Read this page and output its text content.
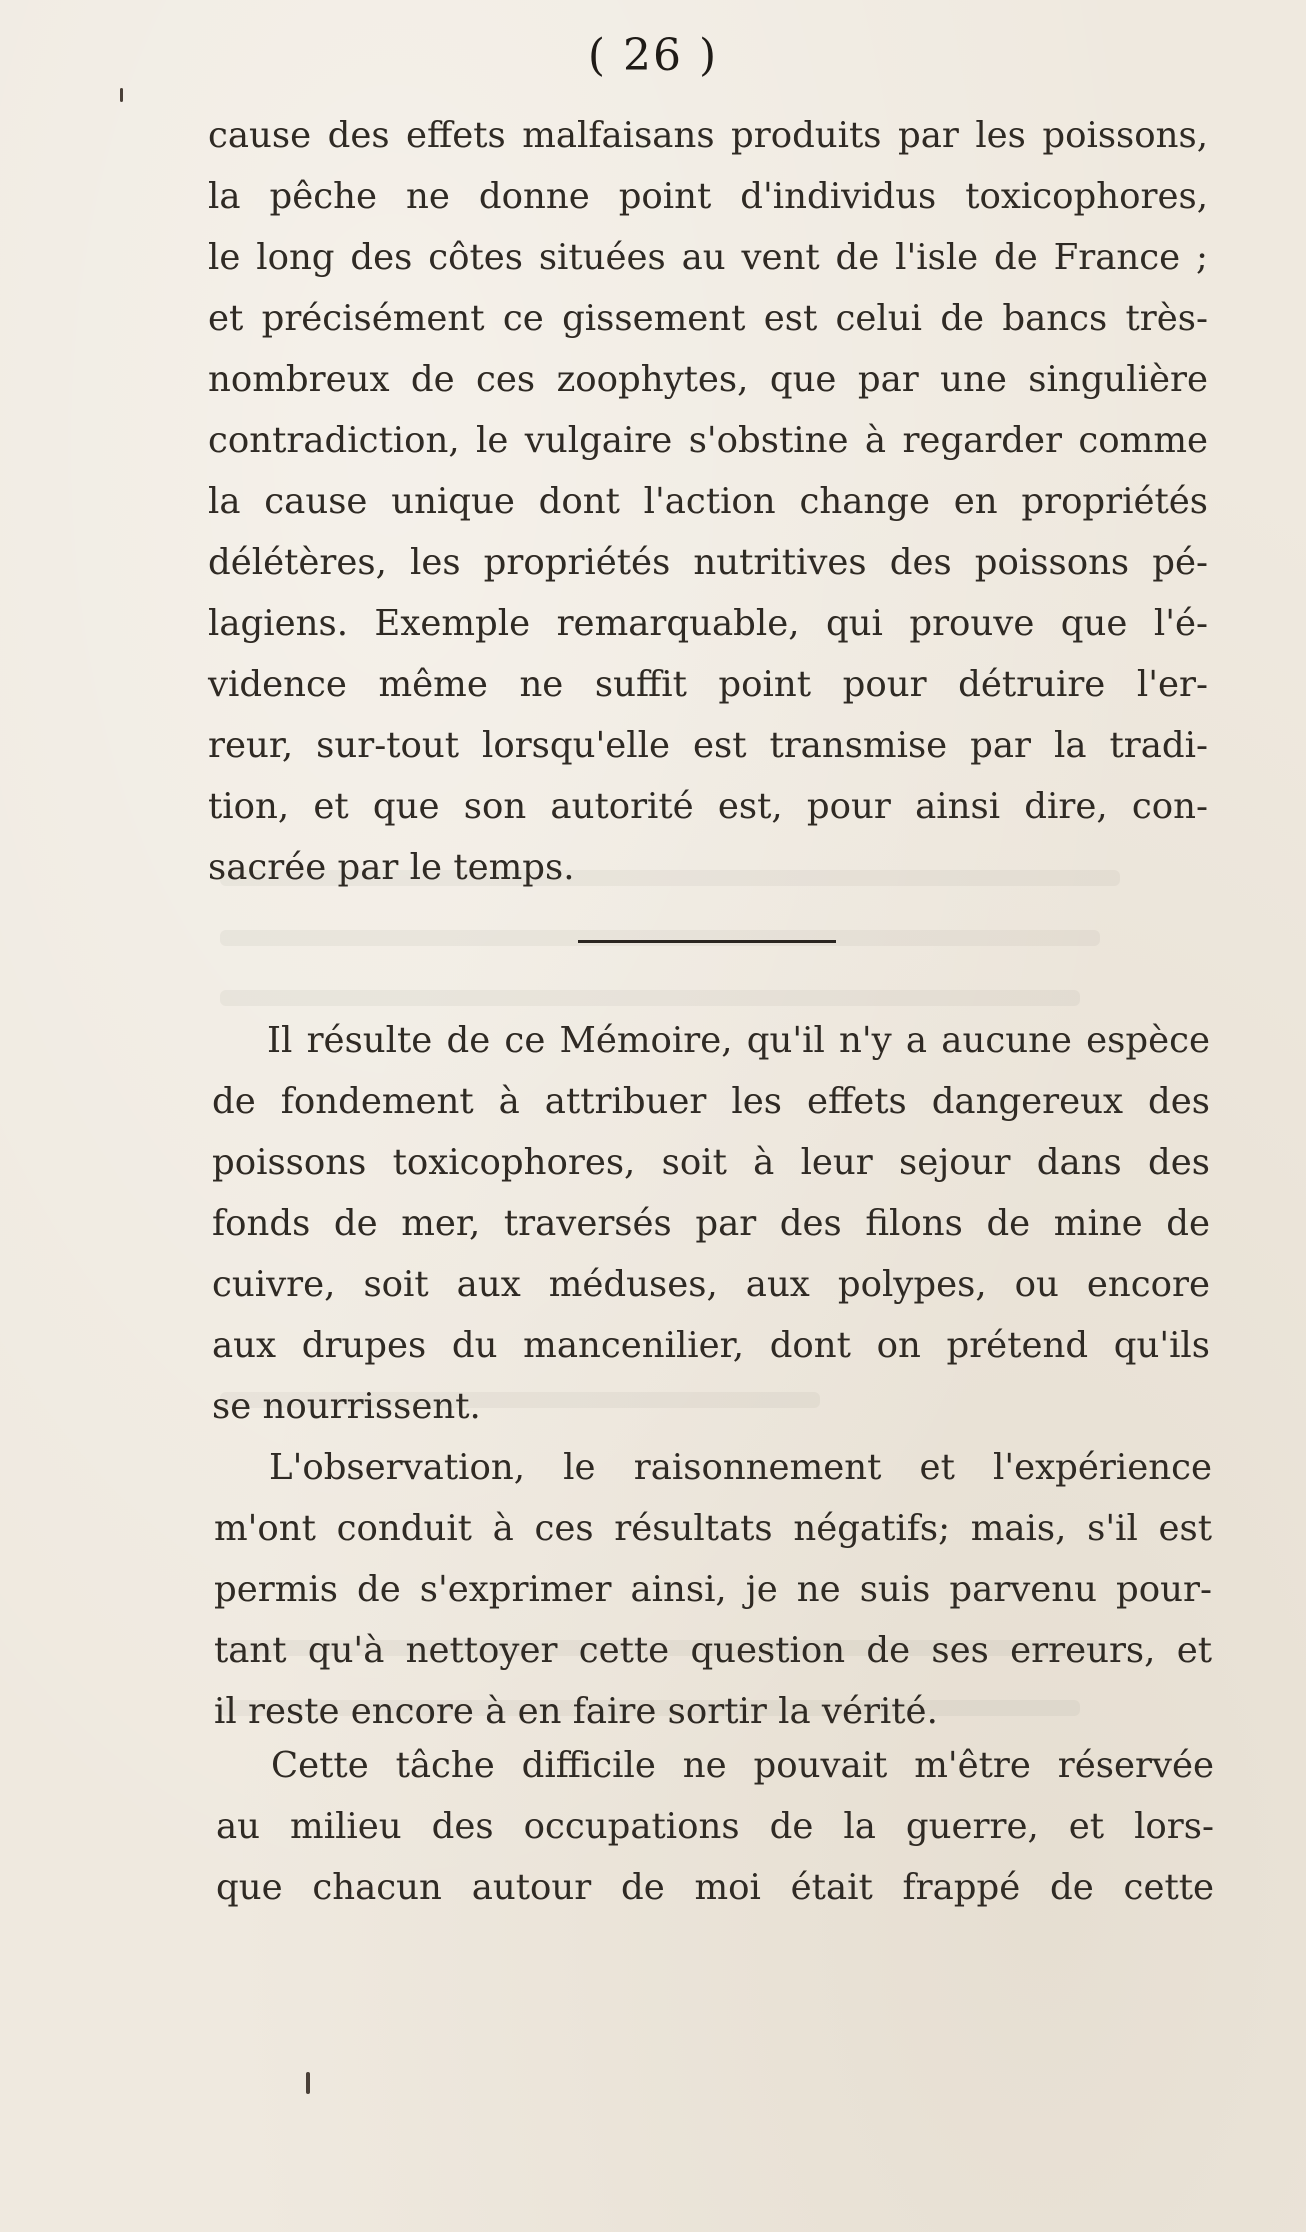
( 26 )
cause des effets malfaisans produits par les poissons,
la pêche ne donne point d'individus toxicophores,
le long des côtes situées au vent de l'isle de France ;
et précisément ce gissement est celui de bancs très-
nombreux de ces zoophytes, que par une singulière
contradiction, le vulgaire s'obstine à regarder comme
la cause unique dont l'action change en propriétés
délétères, les propriétés nutritives des poissons pé-
lagiens. Exemple remarquable, qui prouve que l'é-
vidence même ne suffit point pour détruire l'er-
reur, sur-tout lorsqu'elle est transmise par la tradi-
tion, et que son autorité est, pour ainsi dire, con-
sacrée par le temps.
Il résulte de ce Mémoire, qu'il n'y a aucune espèce
de fondement à attribuer les effets dangereux des
poissons toxicophores, soit à leur sejour dans des
fonds de mer, traversés par des filons de mine de
cuivre, soit aux méduses, aux polypes, ou encore
aux drupes du mancenilier, dont on prétend qu'ils
se nourrissent.
L'observation, le raisonnement et l'expérience
m'ont conduit à ces résultats négatifs; mais, s'il est
permis de s'exprimer ainsi, je ne suis parvenu pour-
tant qu'à nettoyer cette question de ses erreurs, et
il reste encore à en faire sortir la vérité.
Cette tâche difficile ne pouvait m'être réservée
au milieu des occupations de la guerre, et lors-
que chacun autour de moi était frappé de cette
